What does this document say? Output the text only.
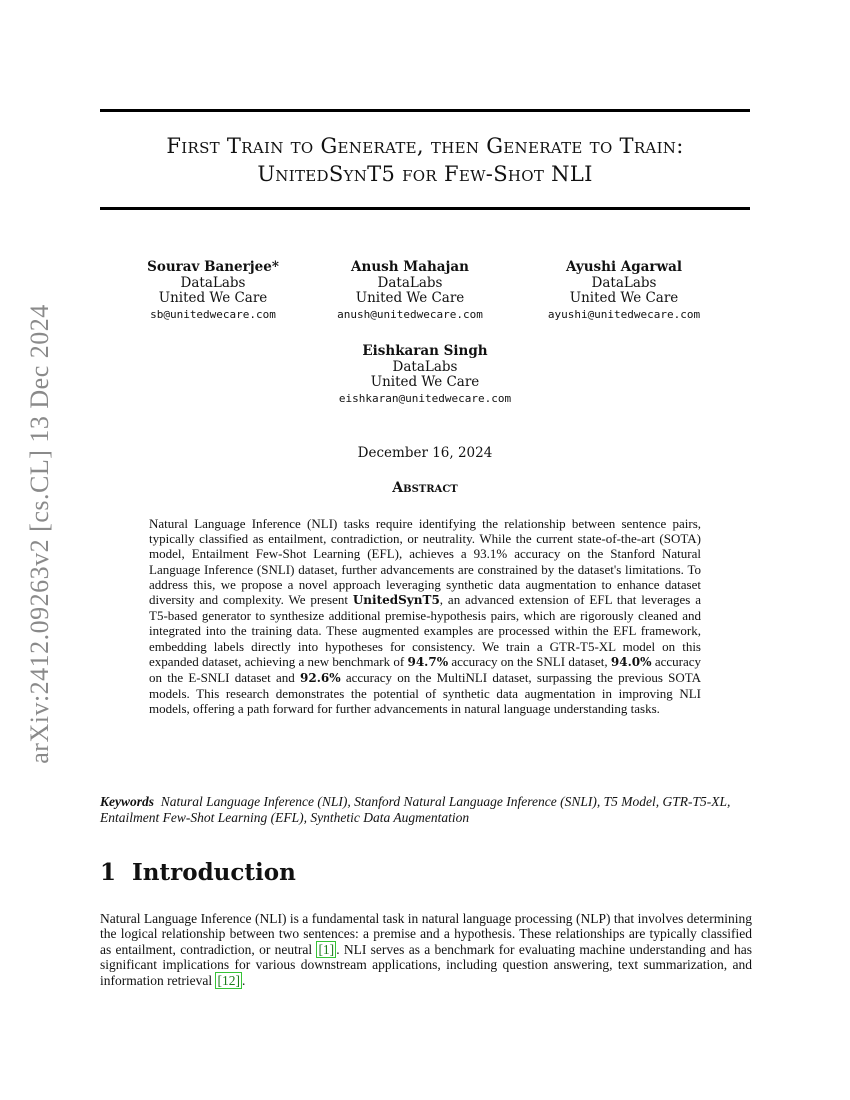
arXiv:2412.09263v2 [cs.CL] 13 Dec 2024
First Train to Generate, then Generate to Train:
UnitedSynT5 for Few-Shot NLI
Sourav Banerjee*
DataLabs
United We Care
sb@unitedwecare.com
Anush Mahajan
DataLabs
United We Care
anush@unitedwecare.com
Ayushi Agarwal
DataLabs
United We Care
ayushi@unitedwecare.com
Eishkaran Singh
DataLabs
United We Care
eishkaran@unitedwecare.com
December 16, 2024
Abstract
Natural Language Inference (NLI) tasks require identifying the relationship between sentence pairs, typically classified as entailment, contradiction, or neutrality. While the current state-of-the-art (SOTA) model, Entailment Few-Shot Learning (EFL), achieves a 93.1% accuracy on the Stanford Natural Language Inference (SNLI) dataset, further advancements are constrained by the dataset's limitations. To address this, we propose a novel approach leveraging synthetic data augmentation to enhance dataset diversity and complexity. We present UnitedSynT5, an advanced extension of EFL that leverages a T5-based generator to synthesize additional premise-hypothesis pairs, which are rigorously cleaned and integrated into the training data. These augmented examples are processed within the EFL framework, embedding labels directly into hypotheses for consistency. We train a GTR-T5-XL model on this expanded dataset, achieving a new benchmark of 94.7% accuracy on the SNLI dataset, 94.0% accuracy on the E-SNLI dataset and 92.6% accuracy on the MultiNLI dataset, surpassing the previous SOTA models. This research demonstrates the potential of synthetic data augmentation in improving NLI models, offering a path forward for further advancements in natural language understanding tasks.
Keywords Natural Language Inference (NLI), Stanford Natural Language Inference (SNLI), T5 Model, GTR-T5-XL, Entailment Few-Shot Learning (EFL), Synthetic Data Augmentation
1 Introduction
Natural Language Inference (NLI) is a fundamental task in natural language processing (NLP) that involves determining the logical relationship between two sentences: a premise and a hypothesis. These relationships are typically classified as entailment, contradiction, or neutral [1] . NLI serves as a benchmark for evaluating machine understanding and has significant implications for various downstream applications, including question answering, text summarization, and information retrieval [12] .
